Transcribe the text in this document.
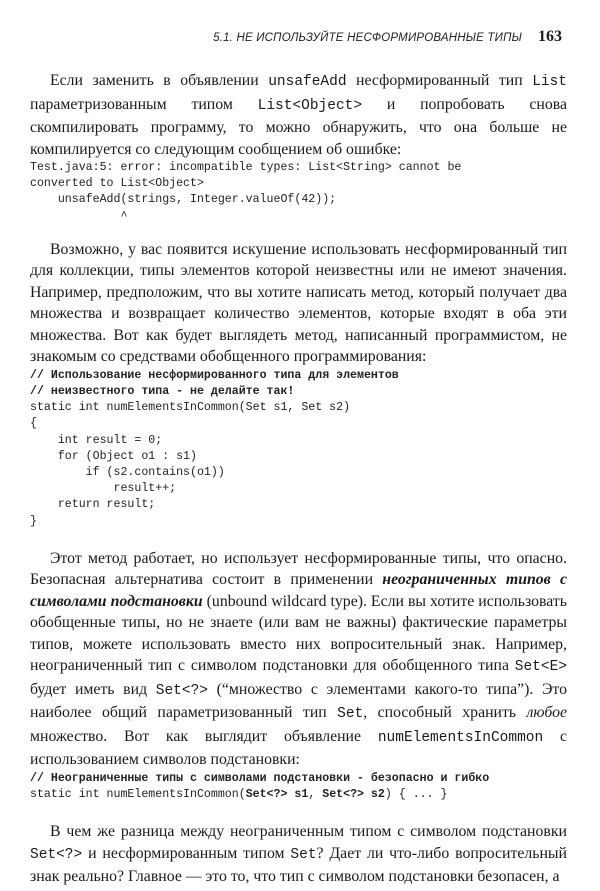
5.1. НЕ ИСПОЛЬЗУЙТЕ НЕСФОРМИРОВАННЫЕ ТИПЫ 163

Если заменить в объявлении unsafeAdd несформированный тип List параметризованным типом List<Object> и попробовать снова скомпилировать программу, то можно обнаружить, что она больше не компилируется со следующим сообщением об ошибке:

Test.java:5: error: incompatible types: List<String> cannot be
converted to List<Object>
unsafeAdd(strings, Integer.valueOf(42));
^

Возможно, у вас появится искушение использовать несформированный тип для коллекции, типы элементов которой неизвестны или не имеют значения. Например, предположим, что вы хотите написать метод, который получает два множества и возвращает количество элементов, которые входят в оба эти множества. Вот как будет выглядеть метод, написанный программистом, не знакомым со средствами обобщенного программирования:

// Использование несформированного типа для элементов
// неизвестного типа - не делайте так!
static int numElementsInCommon(Set s1, Set s2)
{
int result = 0;
for (Object o1 : s1)
if (s2.contains(o1))
result++;
return result;
}

Этот метод работает, но использует несформированные типы, что опасно. Безопасная альтернатива состоит в применении неограниченных типов с символами подстановки (unbound wildcard type). Если вы хотите использовать обобщенные типы, но не знаете (или вам не важны) фактические параметры типов, можете использовать вместо них вопросительный знак. Например, неограниченный тип с символом подстановки для обобщенного типа Set<E> будет иметь вид Set<?> (“множество с элементами какого-то типа”). Это наиболее общий параметризованный тип Set, способный хранить любое множество. Вот как выглядит объявление numElementsInCommon с использованием символов подстановки:

// Неограниченные типы с символами подстановки - безопасно и гибко
static int numElementsInCommon(Set<?> s1, Set<?> s2) { ... }

В чем же разница между неограниченным типом с символом подстановки Set<?> и несформированным типом Set? Дает ли что-либо вопросительный знак реально? Главное — это то, что тип с символом подстановки безопасен, а
